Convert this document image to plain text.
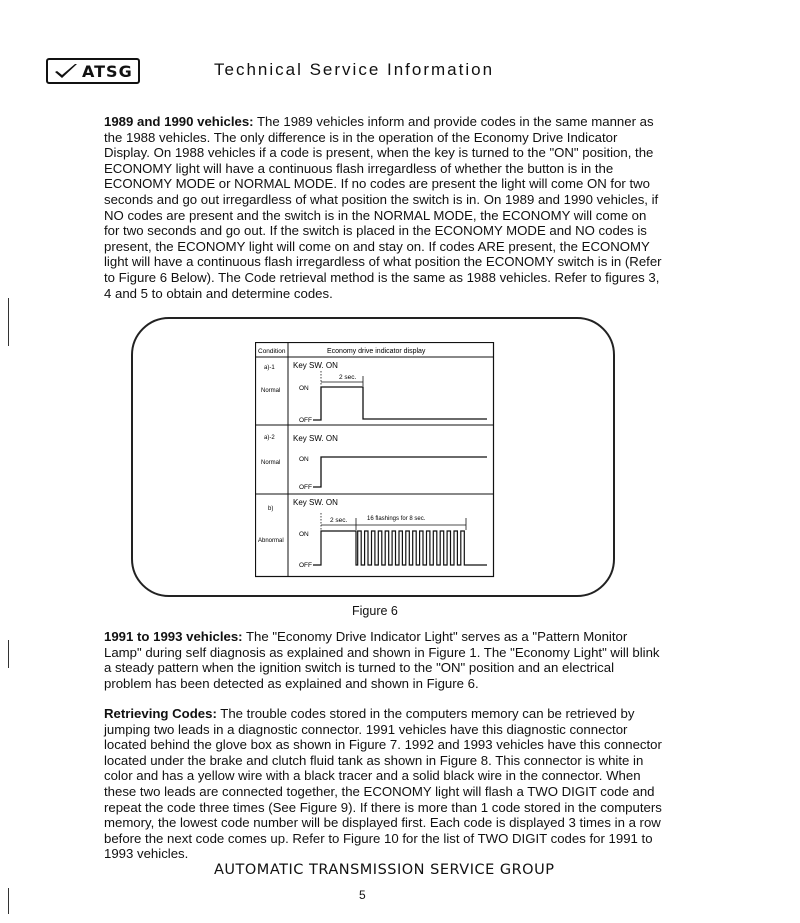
ATSG	Technical Service Information

1989 and 1990 vehicles: The 1989 vehicles inform and provide codes in the same manner as the 1988 vehicles. The only difference is in the operation of the Economy Drive Indicator Display. On 1988 vehicles if a code is present, when the key is turned to the "ON" position, the ECONOMY light will have a continuous flash irregardless of whether the button is in the ECONOMY MODE or NORMAL MODE. If no codes are present the light will come ON for two seconds and go out irregardless of what position the switch is in. On 1989 and 1990 vehicles, if NO codes are present and the switch is in the NORMAL MODE, the ECONOMY will come on for two seconds and go out. If the switch is placed in the ECONOMY MODE and NO codes is present, the ECONOMY light will come on and stay on. If codes ARE present, the ECONOMY light will have a continuous flash irregardless of what position the ECONOMY switch is in (Refer to Figure 6 Below). The Code retrieval method is the same as 1988 vehicles. Refer to figures 3, 4 and 5 to obtain and determine codes.

Condition	Economy drive indicator display
a)-1
Normal
Key SW. ON
ON
OFF
2 sec.
a)-2
Normal
Key SW. ON
ON
OFF
b)
Abnormal
Key SW. ON
ON
OFF
2 sec.	16 flashings for 8 sec.
Figure 6

1991 to 1993 vehicles: The "Economy Drive Indicator Light" serves as a "Pattern Monitor Lamp" during self diagnosis as explained and shown in Figure 1. The "Economy Light" will blink a steady pattern when the ignition switch is turned to the "ON" position and an electrical problem has been detected as explained and shown in Figure 6.

Retrieving Codes: The trouble codes stored in the computers memory can be retrieved by jumping two leads in a diagnostic connector. 1991 vehicles have this diagnostic connector located behind the glove box as shown in Figure 7. 1992 and 1993 vehicles have this connector located under the brake and clutch fluid tank as shown in Figure 8. This connector is white in color and has a yellow wire with a black tracer and a solid black wire in the connector. When these two leads are connected together, the ECONOMY light will flash a TWO DIGIT code and repeat the code three times (See Figure 9). If there is more than 1 code stored in the computers memory, the lowest code number will be displayed first. Each code is displayed 3 times in a row before the next code comes up. Refer to Figure 10 for the list of TWO DIGIT codes for 1991 to 1993 vehicles.

AUTOMATIC TRANSMISSION SERVICE GROUP
5
